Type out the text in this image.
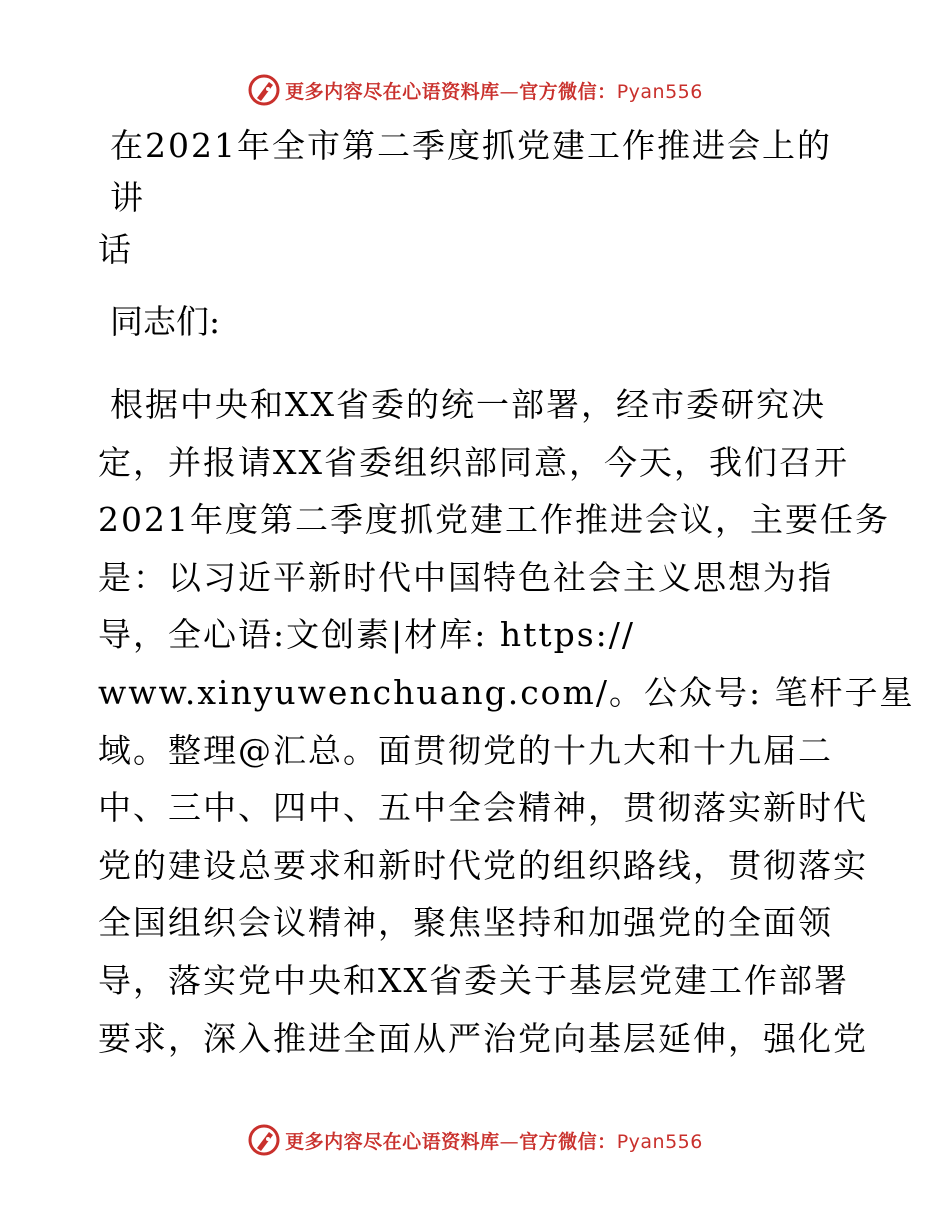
更多内容尽在心语资料库—官方微信：Pyan556
在2021年全市第二季度抓党建工作推进会上的讲
话

同志们:

根据中央和XX省委的统一部署，经市委研究决
定，并报请XX省委组织部同意，今天，我们召开
2021年度第二季度抓党建工作推进会议，主要任务
是：以习近平新时代中国特色社会主义思想为指
导，全心语:文创素|材库: https://
www.xinyuwenchuang.com/。公众号: 笔杆子星
域。整理@汇总。面贯彻党的十九大和十九届二
中、三中、四中、五中全会精神，贯彻落实新时代
党的建设总要求和新时代党的组织路线，贯彻落实
全国组织会议精神，聚焦坚持和加强党的全面领
导，落实党中央和XX省委关于基层党建工作部署
要求，深入推进全面从严治党向基层延伸，强化党

更多内容尽在心语资料库—官方微信：Pyan556
